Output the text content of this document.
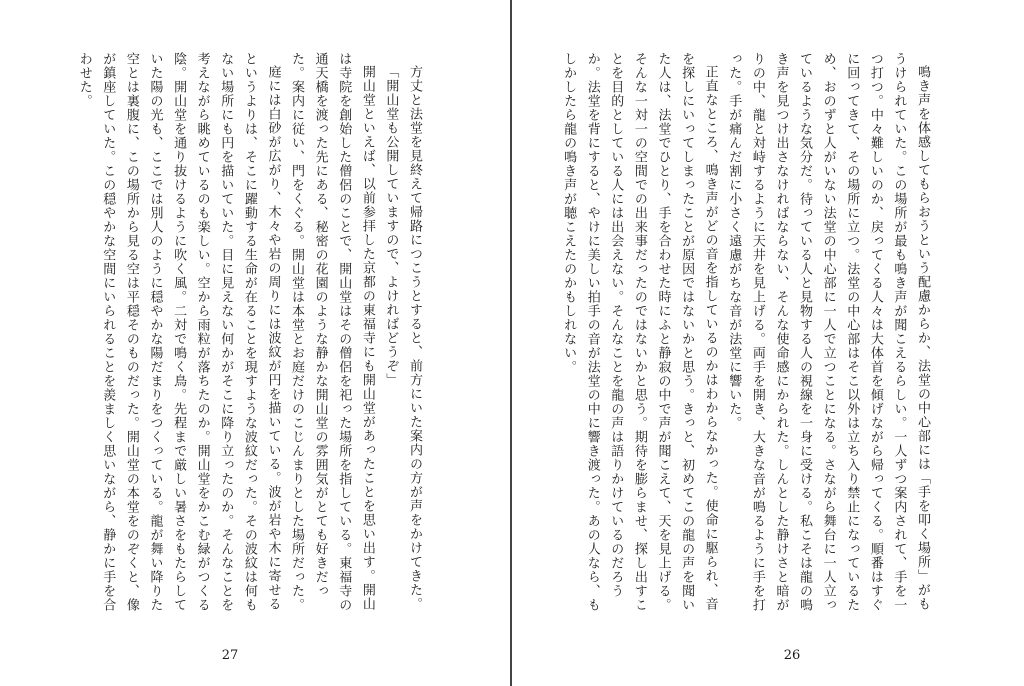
方丈と法堂を見終えて帰路につこうとすると、前方にいた案内の方が声をかけてきた。

「開山堂も公開していますので、よければどうぞ」

開山堂といえば、以前参拝した京都の東福寺にも開山堂があったことを思い出す。開山は寺院を創始した僧侶のことで、開山堂はその僧侶を祀った場所を指している。東福寺の通天橋を渡った先にある、秘密の花園のような静かな開山堂の雰囲気がとても好きだった。案内に従い、門をくぐる。開山堂は本堂とお庭だけのこじんまりとした場所だった。

庭には白砂が広がり、木々や岩の周りには波紋が円を描いている。波が岩や木に寄せるというよりは、そこに躍動する生命が在ることを現すような波紋だった。その波紋は何もない場所にも円を描いていた。目に見えない何かがそこに降り立ったのか。そんなことを考えながら眺めているのも楽しい。空から雨粒が落ちたのか。開山堂をかこむ緑がつくる陰。開山堂を通り抜けるように吹く風。二対で鳴く鳥。先程まで厳しい暑さをもたらしていた陽の光も、ここでは別人のように穏やかな陽だまりをつくっている。龍が舞い降りた空とは裏腹に、この場所から見る空は平穏そのものだった。開山堂の本堂をのぞくと、像が鎮座していた。この穏やかな空間にいられることを羨ましく思いながら、静かに手を合わせた。

27

鳴き声を体感してもらおうという配慮からか、法堂の中心部には「手を叩く場所」がもうけられていた。この場所が最も鳴き声が聞こえるらしい。一人ずつ案内されて、手を一つ打つ。中々難しいのか、戻ってくる人々は大体首を傾げながら帰ってくる。順番はすぐに回ってきて、その場所に立つ。法堂の中心部はそこ以外は立ち入り禁止になっているため、おのずと人がいない法堂の中心部に一人で立つことになる。さながら舞台に一人立っているような気分だ。待っている人と見物する人の視線を一身に受ける。私こそは龍の鳴き声を見つけ出さなければならない、そんな使命感にかられた。しんとした静けさと暗がりの中、龍と対峙するように天井を見上げる。両手を開き、大きな音が鳴るように手を打った。手が痛んだ割に小さく遠慮がちな音が法堂に響いた。

正直なところ、鳴き声がどの音を指しているのかはわからなかった。使命に駆られ、音を探しにいってしまったことが原因ではないかと思う。きっと、初めてこの龍の声を聞いた人は、法堂でひとり、手を合わせた時にふと静寂の中で声が聞こえて、天を見上げる。そんな一対一の空間での出来事だったのではないかと思う。期待を膨らませ、探し出すことを目的としている人には出会えない。そんなことを龍の声は語りかけているのだろうか。法堂を背にすると、やけに美しい拍手の音が法堂の中に響き渡った。あの人なら、もしかしたら龍の鳴き声が聴こえたのかもしれない。

26
